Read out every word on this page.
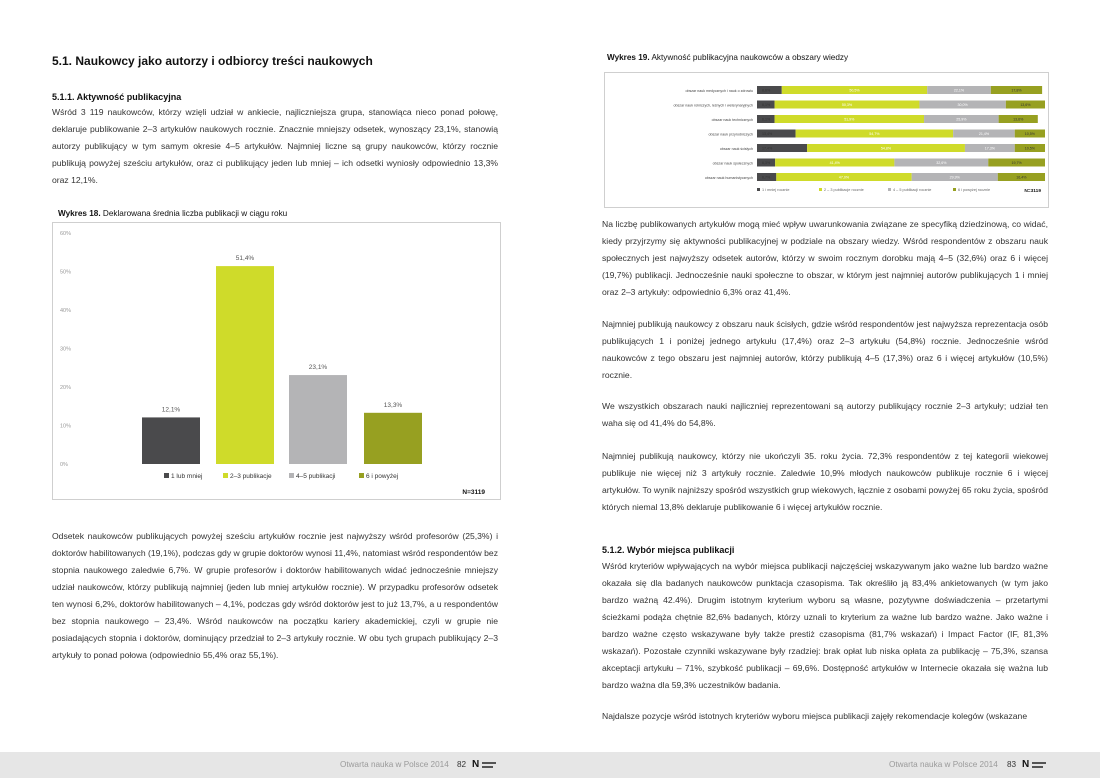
5.1. Naukowcy jako autorzy i odbiorcy treści naukowych
5.1.1. Aktywność publikacyjna

Wśród 3 119 naukowców, którzy wzięli udział w ankiecie, najliczniejsza grupa, stanowiąca nieco ponad połowę, deklaruje publikowanie 2–3 artykułów naukowych rocznie. Znacznie mniejszy odsetek, wynoszący 23,1%, stanowią autorzy publikujący w tym samym okresie 4–5 artykułów. Najmniej liczne są grupy naukowców, którzy rocznie publikują powyżej sześciu artykułów, oraz ci publikujący jeden lub mniej – ich odsetki wyniosły odpowiednio 13,3% oraz 12,1%.

Wykres 18. Deklarowana średnia liczba publikacji w ciągu roku
0%
10%
20%
30%
40%
50%
60%
12,1%
51,4%
23,1%
13,3%
1 lub mniej	2–3 publikacje	4–5 publikacji	6 i powyżej
N=3119

Odsetek naukowców publikujących powyżej sześciu artykułów rocznie jest najwyższy wśród profesorów (25,3%) i doktorów habilitowanych (19,1%), podczas gdy w grupie doktorów wynosi 11,4%, natomiast wśród respondentów bez stopnia naukowego zaledwie 6,7%. W grupie profesorów i doktorów habilitowanych widać jednocześnie mniejszy udział naukowców, którzy publikują najmniej (jeden lub mniej artykułów rocznie). W przypadku profesorów odsetek ten wynosi 6,2%, doktorów habilitowanych – 4,1%, podczas gdy wśród doktorów jest to już 13,7%, a u respondentów bez stopnia naukowego – 23,4%. Wśród naukowców na początku kariery akademickiej, czyli w grupie nie posiadających stopnia i doktorów, dominujący przedział to 2–3 artykuły rocznie. W obu tych grupach publikujący 2–3 artykuły to ponad połowa (odpowiednio 55,4% oraz 55,1%).

Wykres 19. Aktywność publikacyjna naukowców a obszary wiedzy
obszar nauk medycznych i nauk o zdrowiu	8,6%	50,5%	22,1%	17,8%
obszar nauk rolniczych, leśnych i weterynaryjnych	6,1%	50,3%	30,0%	13,6%
obszar nauk technicznych	6,1%	51,9%	25,9%	13,6%
obszar nauk przyrodniczych	13,4%	54,7%	21,4%	10,5%
obszar nauk ścisłych	17,4%	54,8%	17,3%	10,5%
obszar nauk społecznych	6,3%	41,4%	32,6%	19,7%
obszar nauk humanistycznych	6,7%	47,0%	29,9%	16,4%
1 i mniej rocznie	2 – 3 publikacje rocznie	4 – 5 publikacji rocznie	6 i powyżej rocznie	N=3119

Na liczbę publikowanych artykułów mogą mieć wpływ uwarunkowania związane ze specyfiką dziedzinową, co widać, kiedy przyjrzymy się aktywności publikacyjnej w podziale na obszary wiedzy. Wśród respondentów z obszaru nauk społecznych jest najwyższy odsetek autorów, którzy w swoim rocznym dorobku mają 4–5 (32,6%) oraz 6 i więcej (19,7%) publikacji. Jednocześnie nauki społeczne to obszar, w którym jest najmniej autorów publikujących 1 i mniej oraz 2–3 artykuły: odpowiednio 6,3% oraz 41,4%.

Najmniej publikują naukowcy z obszaru nauk ścisłych, gdzie wśród respondentów jest najwyższa reprezentacja osób publikujących 1 i poniżej jednego artykułu (17,4%) oraz 2–3 artykułu (54,8%) rocznie. Jednocześnie wśród naukowców z tego obszaru jest najmniej autorów, którzy publikują 4–5 (17,3%) oraz 6 i więcej artykułów (10,5%) rocznie.

We wszystkich obszarach nauki najliczniej reprezentowani są autorzy publikujący rocznie 2–3 artykuły; udział ten waha się od 41,4% do 54,8%.

Najmniej publikują naukowcy, którzy nie ukończyli 35. roku życia. 72,3% respondentów z tej kategorii wiekowej publikuje nie więcej niż 3 artykuły rocznie. Zaledwie 10,9% młodych naukowców publikuje rocznie 6 i więcej artykułów. To wynik najniższy spośród wszystkich grup wiekowych, łącznie z osobami powyżej 65 roku życia, spośród których niemal 13,8% deklaruje publikowanie 6 i więcej artykułów rocznie.

5.1.2. Wybór miejsca publikacji

Wśród kryteriów wpływających na wybór miejsca publikacji najczęściej wskazywanym jako ważne lub bardzo ważne okazała się dla badanych naukowców punktacja czasopisma. Tak określiło ją 83,4% ankietowanych (w tym jako bardzo ważną 42.4%). Drugim istotnym kryterium wyboru są własne, pozytywne doświadczenia – przetartymi ścieżkami podąża chętnie 82,6% badanych, którzy uznali to kryterium za ważne lub bardzo ważne. Jako ważne i bardzo ważne często wskazywane były także prestiż czasopisma (81,7% wskazań) i Impact Factor (IF, 81,3% wskazań). Pozostałe czynniki wskazywane były rzadziej: brak opłat lub niska opłata za publikację – 75,3%, szansa akceptacji artykułu – 71%, szybkość publikacji – 69,6%. Dostępność artykułów w Internecie okazała się ważna lub bardzo ważna dla 59,3% uczestników badania.

Najdalsze pozycje wśród istotnych kryteriów wyboru miejsca publikacji zajęły rekomendacje kolegów (wskazane

Otwarta nauka w Polsce 2014 82 N	Otwarta nauka w Polsce 2014 83 N
